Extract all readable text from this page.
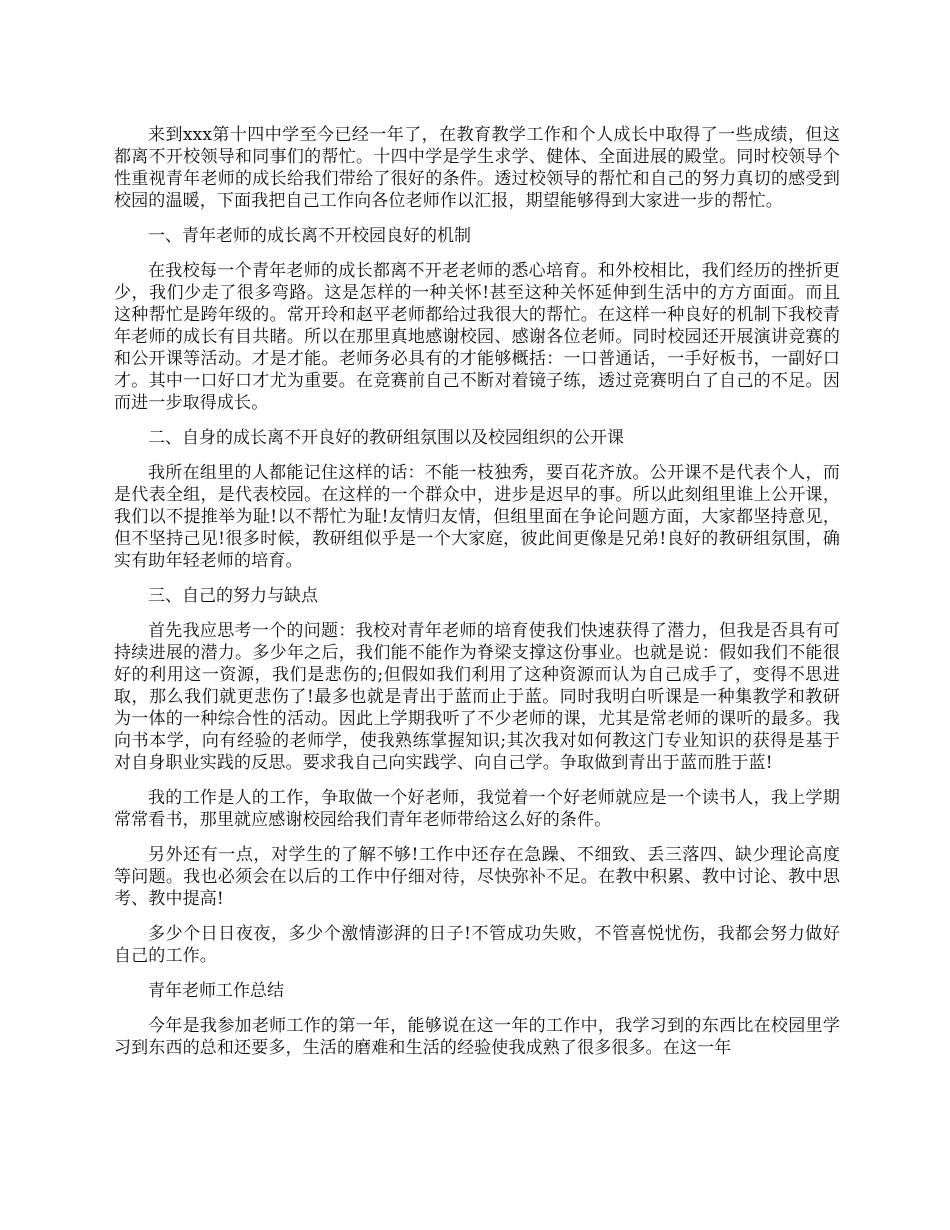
来到xxx第十四中学至今已经一年了，在教育教学工作和个人成长中取得了一些成绩，但这都离不开校领导和同事们的帮忙。十四中学是学生求学、健体、全面进展的殿堂。同时校领导个性重视青年老师的成长给我们带给了很好的条件。透过校领导的帮忙和自己的努力真切的感受到校园的温暖，下面我把自己工作向各位老师作以汇报，期望能够得到大家进一步的帮忙。

一、青年老师的成长离不开校园良好的机制

在我校每一个青年老师的成长都离不开老老师的悉心培育。和外校相比，我们经历的挫折更少，我们少走了很多弯路。这是怎样的一种关怀!甚至这种关怀延伸到生活中的方方面面。而且这种帮忙是跨年级的。常开玲和赵平老师都给过我很大的帮忙。在这样一种良好的机制下我校青年老师的成长有目共睹。所以在那里真地感谢校园、感谢各位老师。同时校园还开展演讲竞赛的和公开课等活动。才是才能。老师务必具有的才能够概括：一口普通话，一手好板书，一副好口才。其中一口好口才尤为重要。在竞赛前自己不断对着镜子练，透过竞赛明白了自己的不足。因而进一步取得成长。

二、自身的成长离不开良好的教研组氛围以及校园组织的公开课

我所在组里的人都能记住这样的话：不能一枝独秀，要百花齐放。公开课不是代表个人，而是代表全组，是代表校园。在这样的一个群众中，进步是迟早的事。所以此刻组里谁上公开课，我们以不提推举为耻!以不帮忙为耻!友情归友情，但组里面在争论问题方面，大家都坚持意见，但不坚持己见!很多时候，教研组似乎是一个大家庭，彼此间更像是兄弟!良好的教研组氛围，确实有助年轻老师的培育。

三、自己的努力与缺点

首先我应思考一个的问题：我校对青年老师的培育使我们快速获得了潜力，但我是否具有可持续进展的潜力。多少年之后，我们能不能作为脊梁支撑这份事业。也就是说：假如我们不能很好的利用这一资源，我们是悲伤的;但假如我们利用了这种资源而认为自己成手了，变得不思进取，那么我们就更悲伤了!最多也就是青出于蓝而止于蓝。同时我明白听课是一种集教学和教研为一体的一种综合性的活动。因此上学期我听了不少老师的课，尤其是常老师的课听的最多。我向书本学，向有经验的老师学，使我熟练掌握知识;其次我对如何教这门专业知识的获得是基于对自身职业实践的反思。要求我自己向实践学、向自己学。争取做到青出于蓝而胜于蓝!

我的工作是人的工作，争取做一个好老师，我觉着一个好老师就应是一个读书人，我上学期常常看书，那里就应感谢校园给我们青年老师带给这么好的条件。

另外还有一点，对学生的了解不够!工作中还存在急躁、不细致、丢三落四、缺少理论高度等问题。我也必须会在以后的工作中仔细对待，尽快弥补不足。在教中积累、教中讨论、教中思考、教中提高!

多少个日日夜夜，多少个激情澎湃的日子!不管成功失败，不管喜悦忧伤，我都会努力做好自己的工作。

青年老师工作总结

今年是我参加老师工作的第一年，能够说在这一年的工作中，我学习到的东西比在校园里学习到东西的总和还要多，生活的磨难和生活的经验使我成熟了很多很多。在这一年
